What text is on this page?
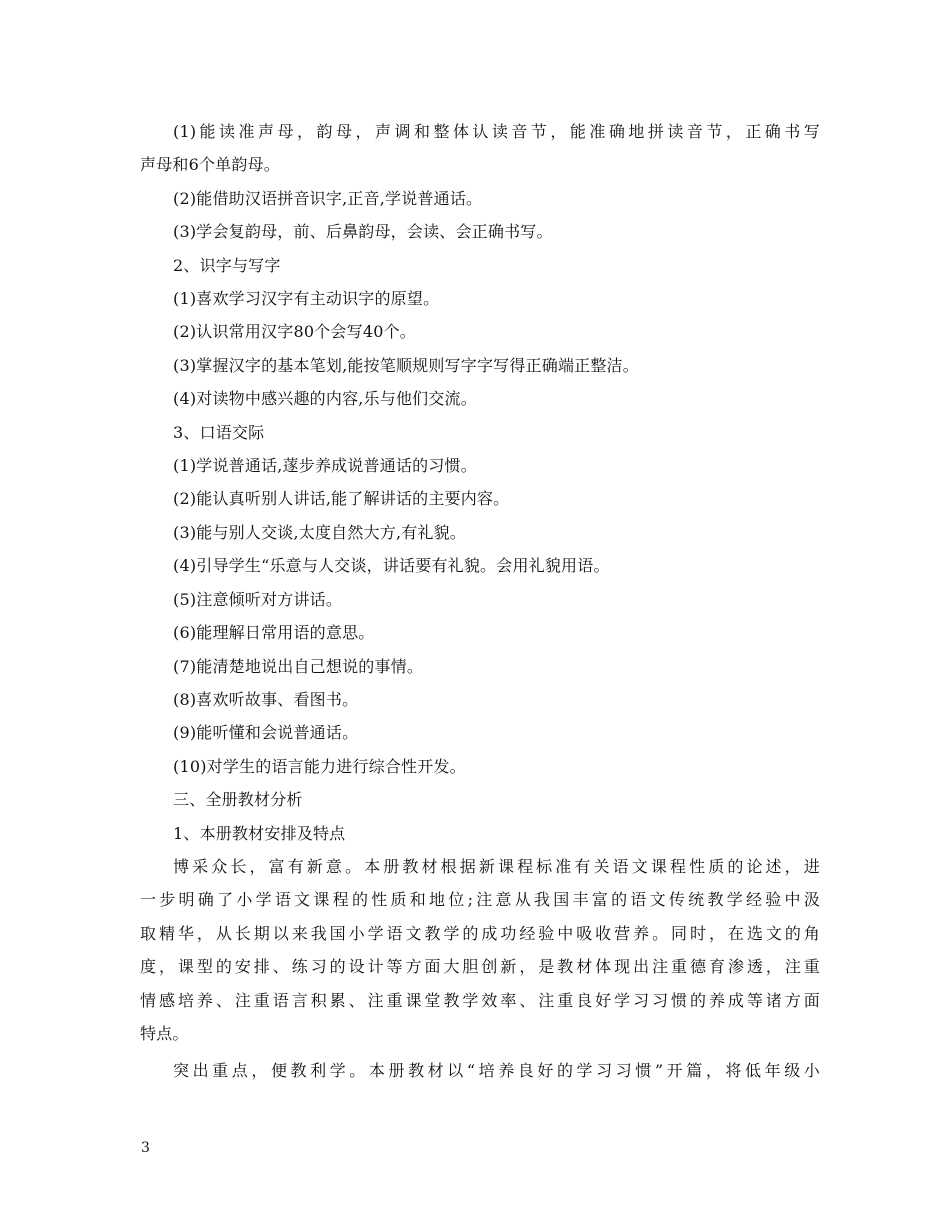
(1)能读准声母，韵母，声调和整体认读音节，能准确地拼读音节，正确书写
声母和6个单韵母。
(2)能借助汉语拼音识字,正音,学说普通话。
(3)学会复韵母，前、后鼻韵母，会读、会正确书写。
2、识字与写字
(1)喜欢学习汉字有主动识字的原望。
(2)认识常用汉字80个会写40个。
(3)掌握汉字的基本笔划,能按笔顺规则写字字写得正确端正整洁。
(4)对读物中感兴趣的内容,乐与他们交流。
3、口语交际
(1)学说普通话,蓫步养成说普通话的习惯。
(2)能认真听别人讲话,能了解讲话的主要内容。
(3)能与别人交谈,太度自然大方,有礼貌。
(4)引导学生“乐意与人交谈，讲话要有礼貌。会用礼貌用语。
(5)注意倾听对方讲话。
(6)能理解日常用语的意思。
(7)能清楚地说出自己想说的事情。
(8)喜欢听故事、看图书。
(9)能听懂和会说普通话。
(10)对学生的语言能力进行综合性开发。
三、全册教材分析
1、本册教材安排及特点
博采众长，富有新意。本册教材根据新课程标准有关语文课程性质的论述，进
一步明确了小学语文课程的性质和地位;注意从我国丰富的语文传统教学经验中汲
取精华，从长期以来我国小学语文教学的成功经验中吸收营养。同时，在选文的角
度，课型的安排、练习的设计等方面大胆创新，是教材体现出注重德育渗透，注重
情感培养、注重语言积累、注重课堂教学效率、注重良好学习习惯的养成等诸方面
特点。
突出重点，便教利学。本册教材以“培养良好的学习习惯”开篇，将低年级小
3
